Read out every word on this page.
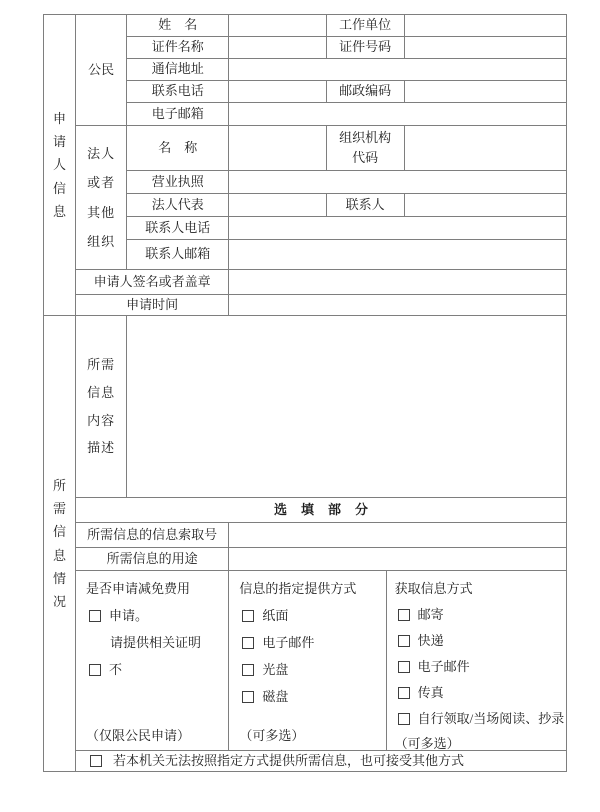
申请人信息	公民	姓　名		工作单位		
		证件名称		证件号码		
		通信地址				
		联系电话		邮政编码		
		电子邮箱				
	法人或者其他组织	名　称		组织机构
代码		

		营业执照				
		法人代表		联系人		
		联系人电话				
		联系人邮箱				
	申请人签名或者盖章					
	申请时间					
所需信息情况	所需信息内容描述					
	选填部分					
	所需信息的信息索取号					
	所需信息的用途					

是否申请减免费用
申请。
请提供相关证明
不
（仅限公民申请）

信息的指定提供方式
纸面
电子邮件
光盘
磁盘
（可多选）

获取信息方式
邮寄
快递
电子邮件
传真
自行领取/当场阅读、抄录
（可多选）

	若本机关无法按照指定方式提供所需信息，也可接受其他方式					
